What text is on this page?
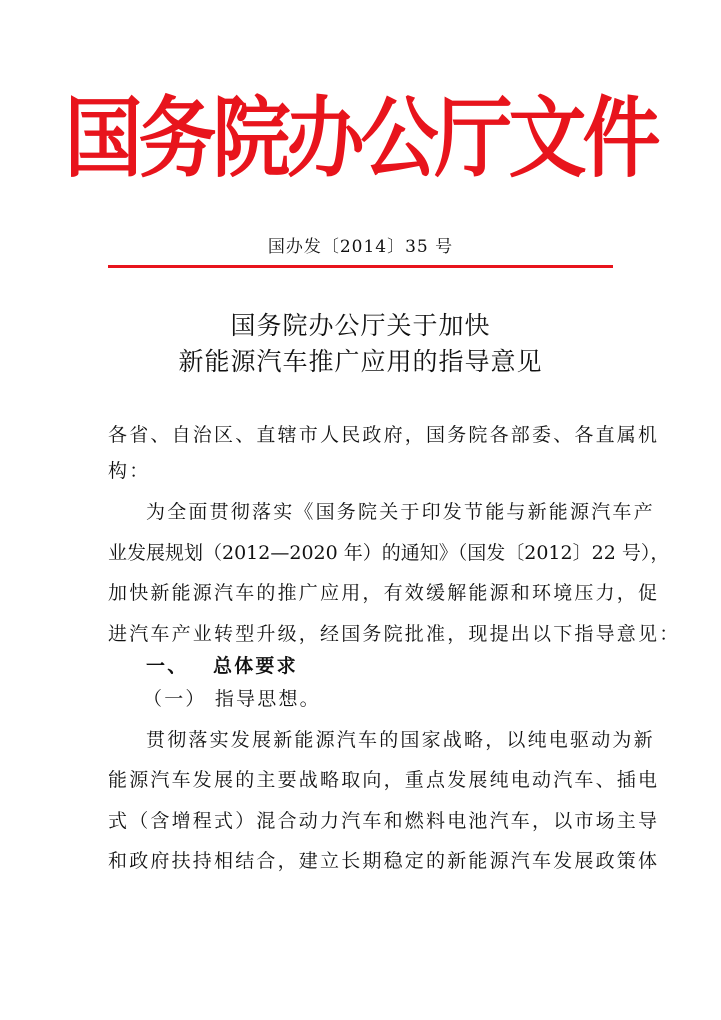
国务院办公厅文件
国办发〔2014〕35 号
国务院办公厅关于加快
新能源汽车推广应用的指导意见
各省、自治区、直辖市人民政府，国务院各部委、各直属机
构：
为全面贯彻落实《国务院关于印发节能与新能源汽车产
业发展规划（2012—2020 年）的通知》（国发〔2012〕22 号），
加快新能源汽车的推广应用，有效缓解能源和环境压力，促
进汽车产业转型升级，经国务院批准，现提出以下指导意见：
一、	总体要求
（一） 指导思想。
贯彻落实发展新能源汽车的国家战略，以纯电驱动为新
能源汽车发展的主要战略取向，重点发展纯电动汽车、插电
式（含增程式）混合动力汽车和燃料电池汽车，以市场主导
和政府扶持相结合，建立长期稳定的新能源汽车发展政策体
